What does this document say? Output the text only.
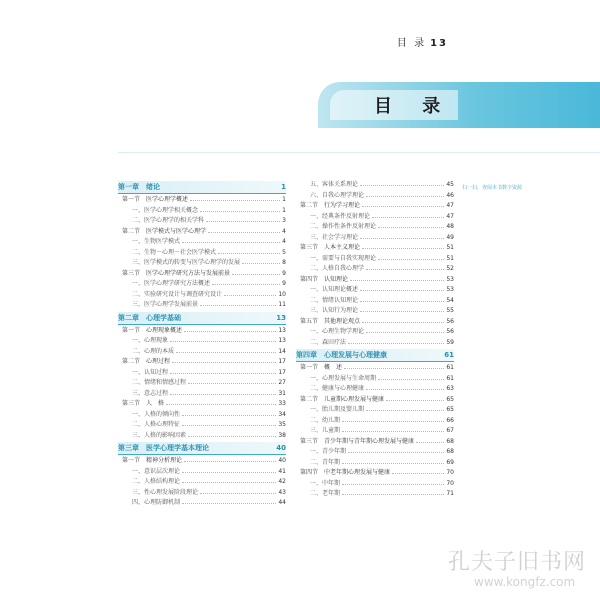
目 录 13
目 录
扫一扫，查阅本书数字资源
第一章　绪论	1
第一节　医学心理学概述	1
一、医学心理学相关概念	1
二、医学心理学的相关学科	3
第二节　医学模式与医学心理学	4
一、生物医学模式	4
二、生物－心理－社会医学模式	5
三、医学模式的转变与医学心理学的发展	8
第三节　医学心理学研究方法与发展前景	9
一、医学心理学研究方法概述	9
二、实验研究设计与调查研究设计	10
三、医学心理学发展前景	11
第二章　心理学基础	13
第一节　心理现象概述	13
一、心理现象	13
二、心理的本质	14
第二节　心理过程	17
一、认知过程	17
二、情绪和情感过程	27
三、意志过程	31
第三节　人　格	33
一、人格的倾向性	34
二、人格心理特征	35
三、人格的影响因素	38
第三章　医学心理学基本理论	40
第一节　精神分析理论	40
一、意识层次理论	41
二、人格结构理论	42
三、性心理发展阶段理论	43
四、心理防御机制	44
五、客体关系理论	45
六、自我心理学理论	46
第二节　行为学习理论	47
一、经典条件反射理论	47
二、操作性条件反射理论	48
三、社会学习理论	49
第三节　人本主义理论	51
一、需要与自我实现理论	51
二、人格自我心理学	52
第四节　认知理论	53
一、认知理论概述	53
二、情绪认知理论	54
三、认知行为理论	55
第五节　其他理论观点	56
一、心理生物学理论	56
二、森田疗法	59
第四章　心理发展与心理健康	61
第一节　概　述	61
一、心理发展与生命周期	61
二、健康与心理健康	63
第二节　儿童期心理发展与健康	65
一、胎儿期及婴儿期	65
二、幼儿期	66
三、儿童期	67
第三节　青少年期与青年期心理发展与健康	68
一、青少年期	68
二、青年期	69
第四节　中老年期心理发展与健康	70
一、中年期	70
二、老年期	71
孔夫子旧书网
www.kongfz.com
